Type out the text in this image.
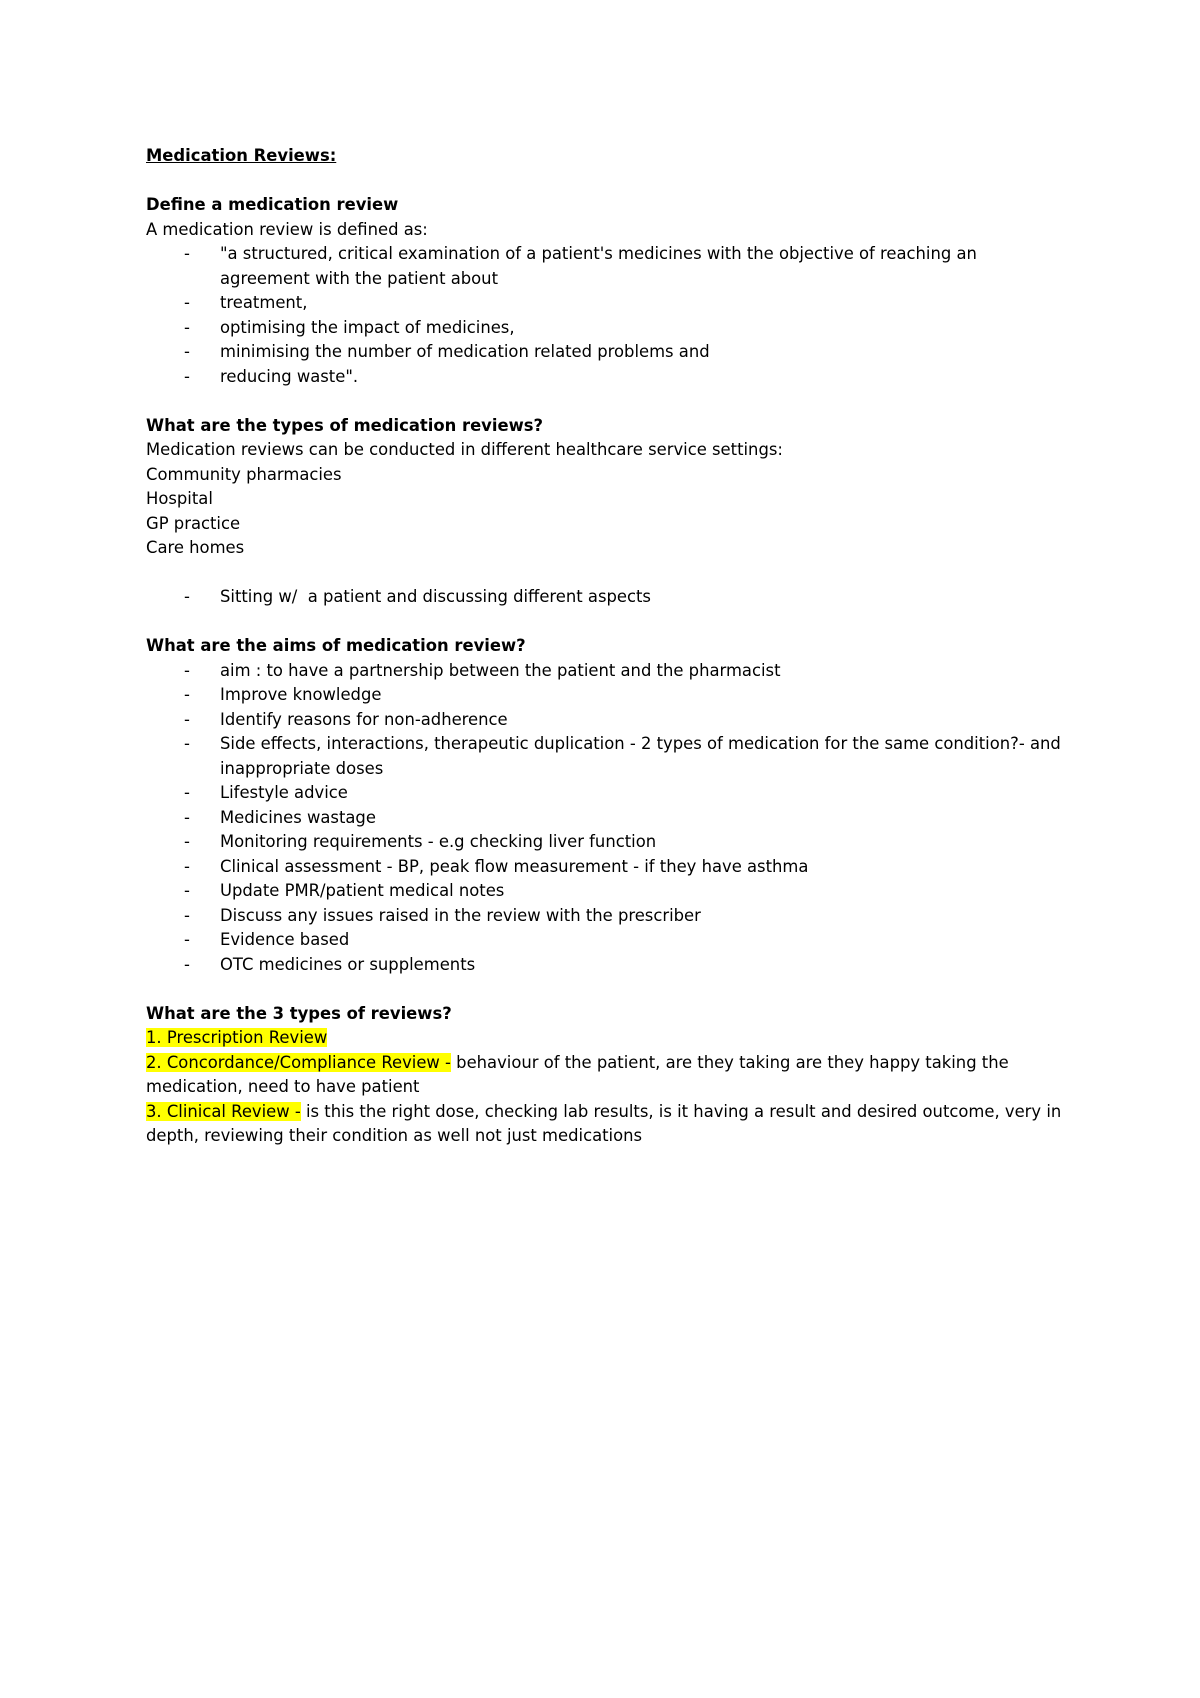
Medication Reviews:

Define a medication review

A medication review is defined as:

- "a structured, critical examination of a patient's medicines with the objective of reaching an agreement with the patient about
- treatment,
- optimising the impact of medicines,
- minimising the number of medication related problems and
- reducing waste".

What are the types of medication reviews?

Medication reviews can be conducted in different healthcare service settings:

Community pharmacies

Hospital

GP practice

Care homes

- Sitting w/  a patient and discussing different aspects

What are the aims of medication review?

- aim : to have a partnership between the patient and the pharmacist
- Improve knowledge
- Identify reasons for non-adherence
- Side effects, interactions, therapeutic duplication - 2 types of medication for the same condition?- and inappropriate doses
- Lifestyle advice
- Medicines wastage
- Monitoring requirements - e.g checking liver function
- Clinical assessment - BP, peak flow measurement - if they have asthma
- Update PMR/patient medical notes
- Discuss any issues raised in the review with the prescriber
- Evidence based
- OTC medicines or supplements

What are the 3 types of reviews?

1. Prescription Review

2. Concordance/Compliance Review - behaviour of the patient, are they taking are they happy taking the medication, need to have patient

3. Clinical Review - is this the right dose, checking lab results, is it having a result and desired outcome, very in depth, reviewing their condition as well not just medications
